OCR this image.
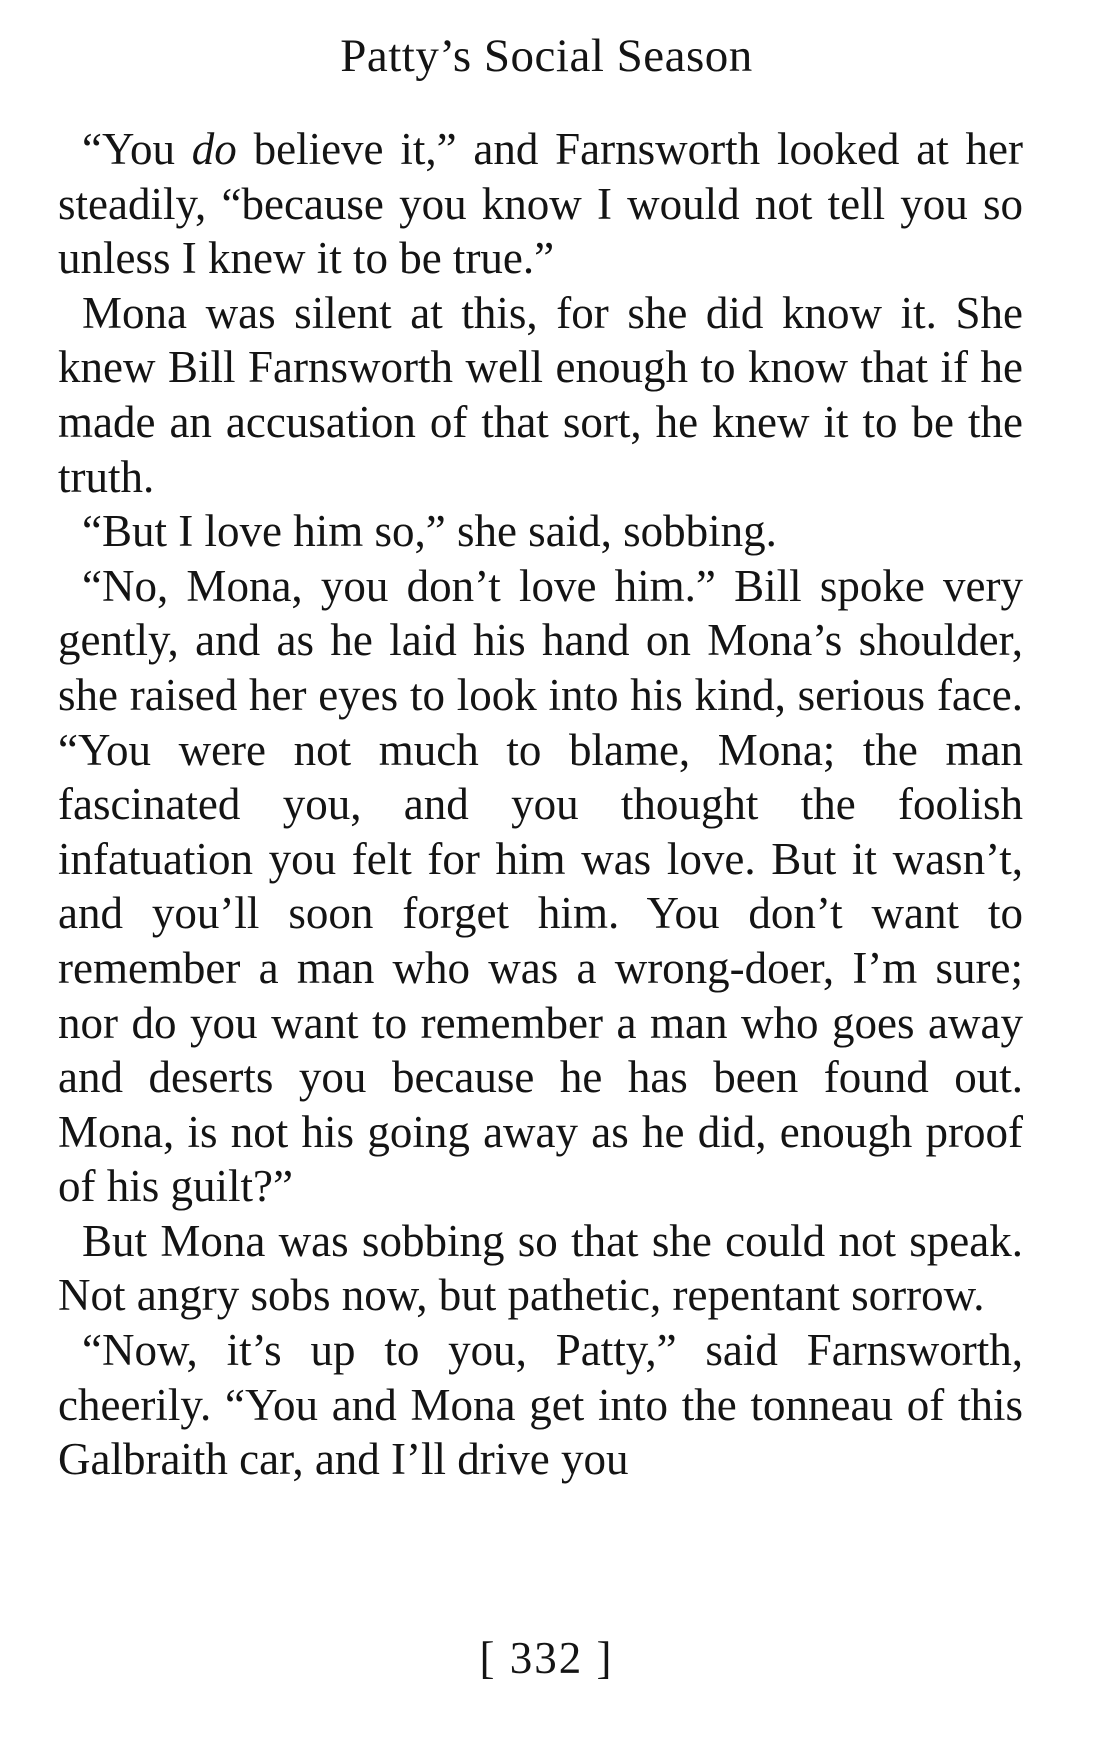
Patty’s Social Season

“You do believe it,” and Farnsworth looked at her steadily, “because you know I would not tell you so unless I knew it to be true.”

Mona was silent at this, for she did know it. She knew Bill Farnsworth well enough to know that if he made an accusation of that sort, he knew it to be the truth.

“But I love him so,” she said, sobbing.

“No, Mona, you don’t love him.” Bill spoke very gently, and as he laid his hand on Mona’s shoulder, she raised her eyes to look into his kind, serious face. “You were not much to blame, Mona; the man fascinated you, and you thought the foolish infatuation you felt for him was love. But it wasn’t, and you’ll soon forget him. You don’t want to remember a man who was a wrong-doer, I’m sure; nor do you want to remember a man who goes away and deserts you because he has been found out. Mona, is not his going away as he did, enough proof of his guilt?”

But Mona was sobbing so that she could not speak. Not angry sobs now, but pathetic, repentant sorrow.

“Now, it’s up to you, Patty,” said Farnsworth, cheerily. “You and Mona get into the tonneau of this Galbraith car, and I’ll drive you

[ 332 ]
